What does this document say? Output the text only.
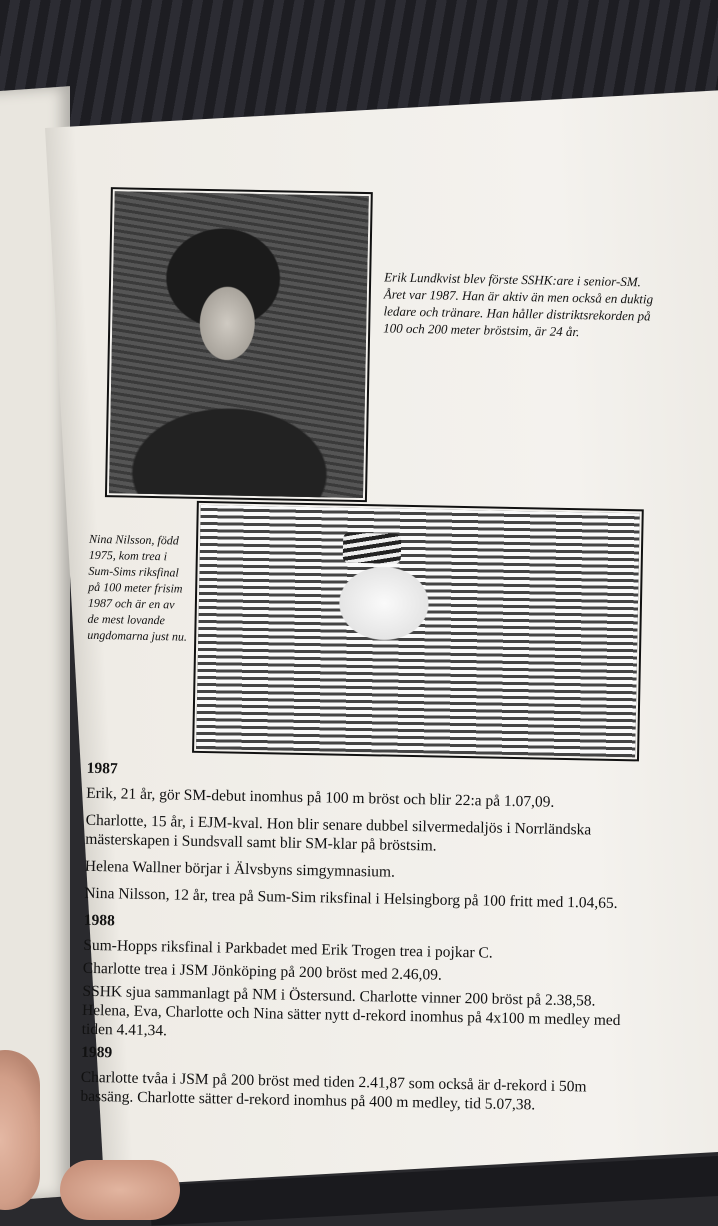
Erik Lundkvist blev förste SSHK:are i senior-SM. Året var 1987. Han är aktiv än men också en duktig ledare och tränare. Han håller distriktsrekorden på 100 och 200 meter bröstsim, är 24 år.
Nina Nilsson, född 1975, kom trea i Sum-Sims riksfinal på 100 meter frisim 1987 och är en av de mest lovande ungdomarna just nu.
1987

Erik, 21 år, gör SM-debut inomhus på 100 m bröst och blir 22:a på 1.07,09.

Charlotte, 15 år, i EJM-kval. Hon blir senare dubbel silvermedaljös i Norrländska mästerskapen i Sundsvall samt blir SM-klar på bröstsim.

Helena Wallner börjar i Älvsbyns simgymnasium.

Nina Nilsson, 12 år, trea på Sum-Sim riksfinal i Helsingborg på 100 fritt med 1.04,65.

1988

Sum-Hopps riksfinal i Parkbadet med Erik Trogen trea i pojkar C.

Charlotte trea i JSM Jönköping på 200 bröst med 2.46,09.

SSHK sjua sammanlagt på NM i Östersund. Charlotte vinner 200 bröst på 2.38,58. Helena, Eva, Charlotte och Nina sätter nytt d-rekord inomhus på 4x100 m medley med tiden 4.41,34.

1989

Charlotte tvåa i JSM på 200 bröst med tiden 2.41,87 som också är d-rekord i 50m bassäng. Charlotte sätter d-rekord inomhus på 400 m medley, tid 5.07,38.
